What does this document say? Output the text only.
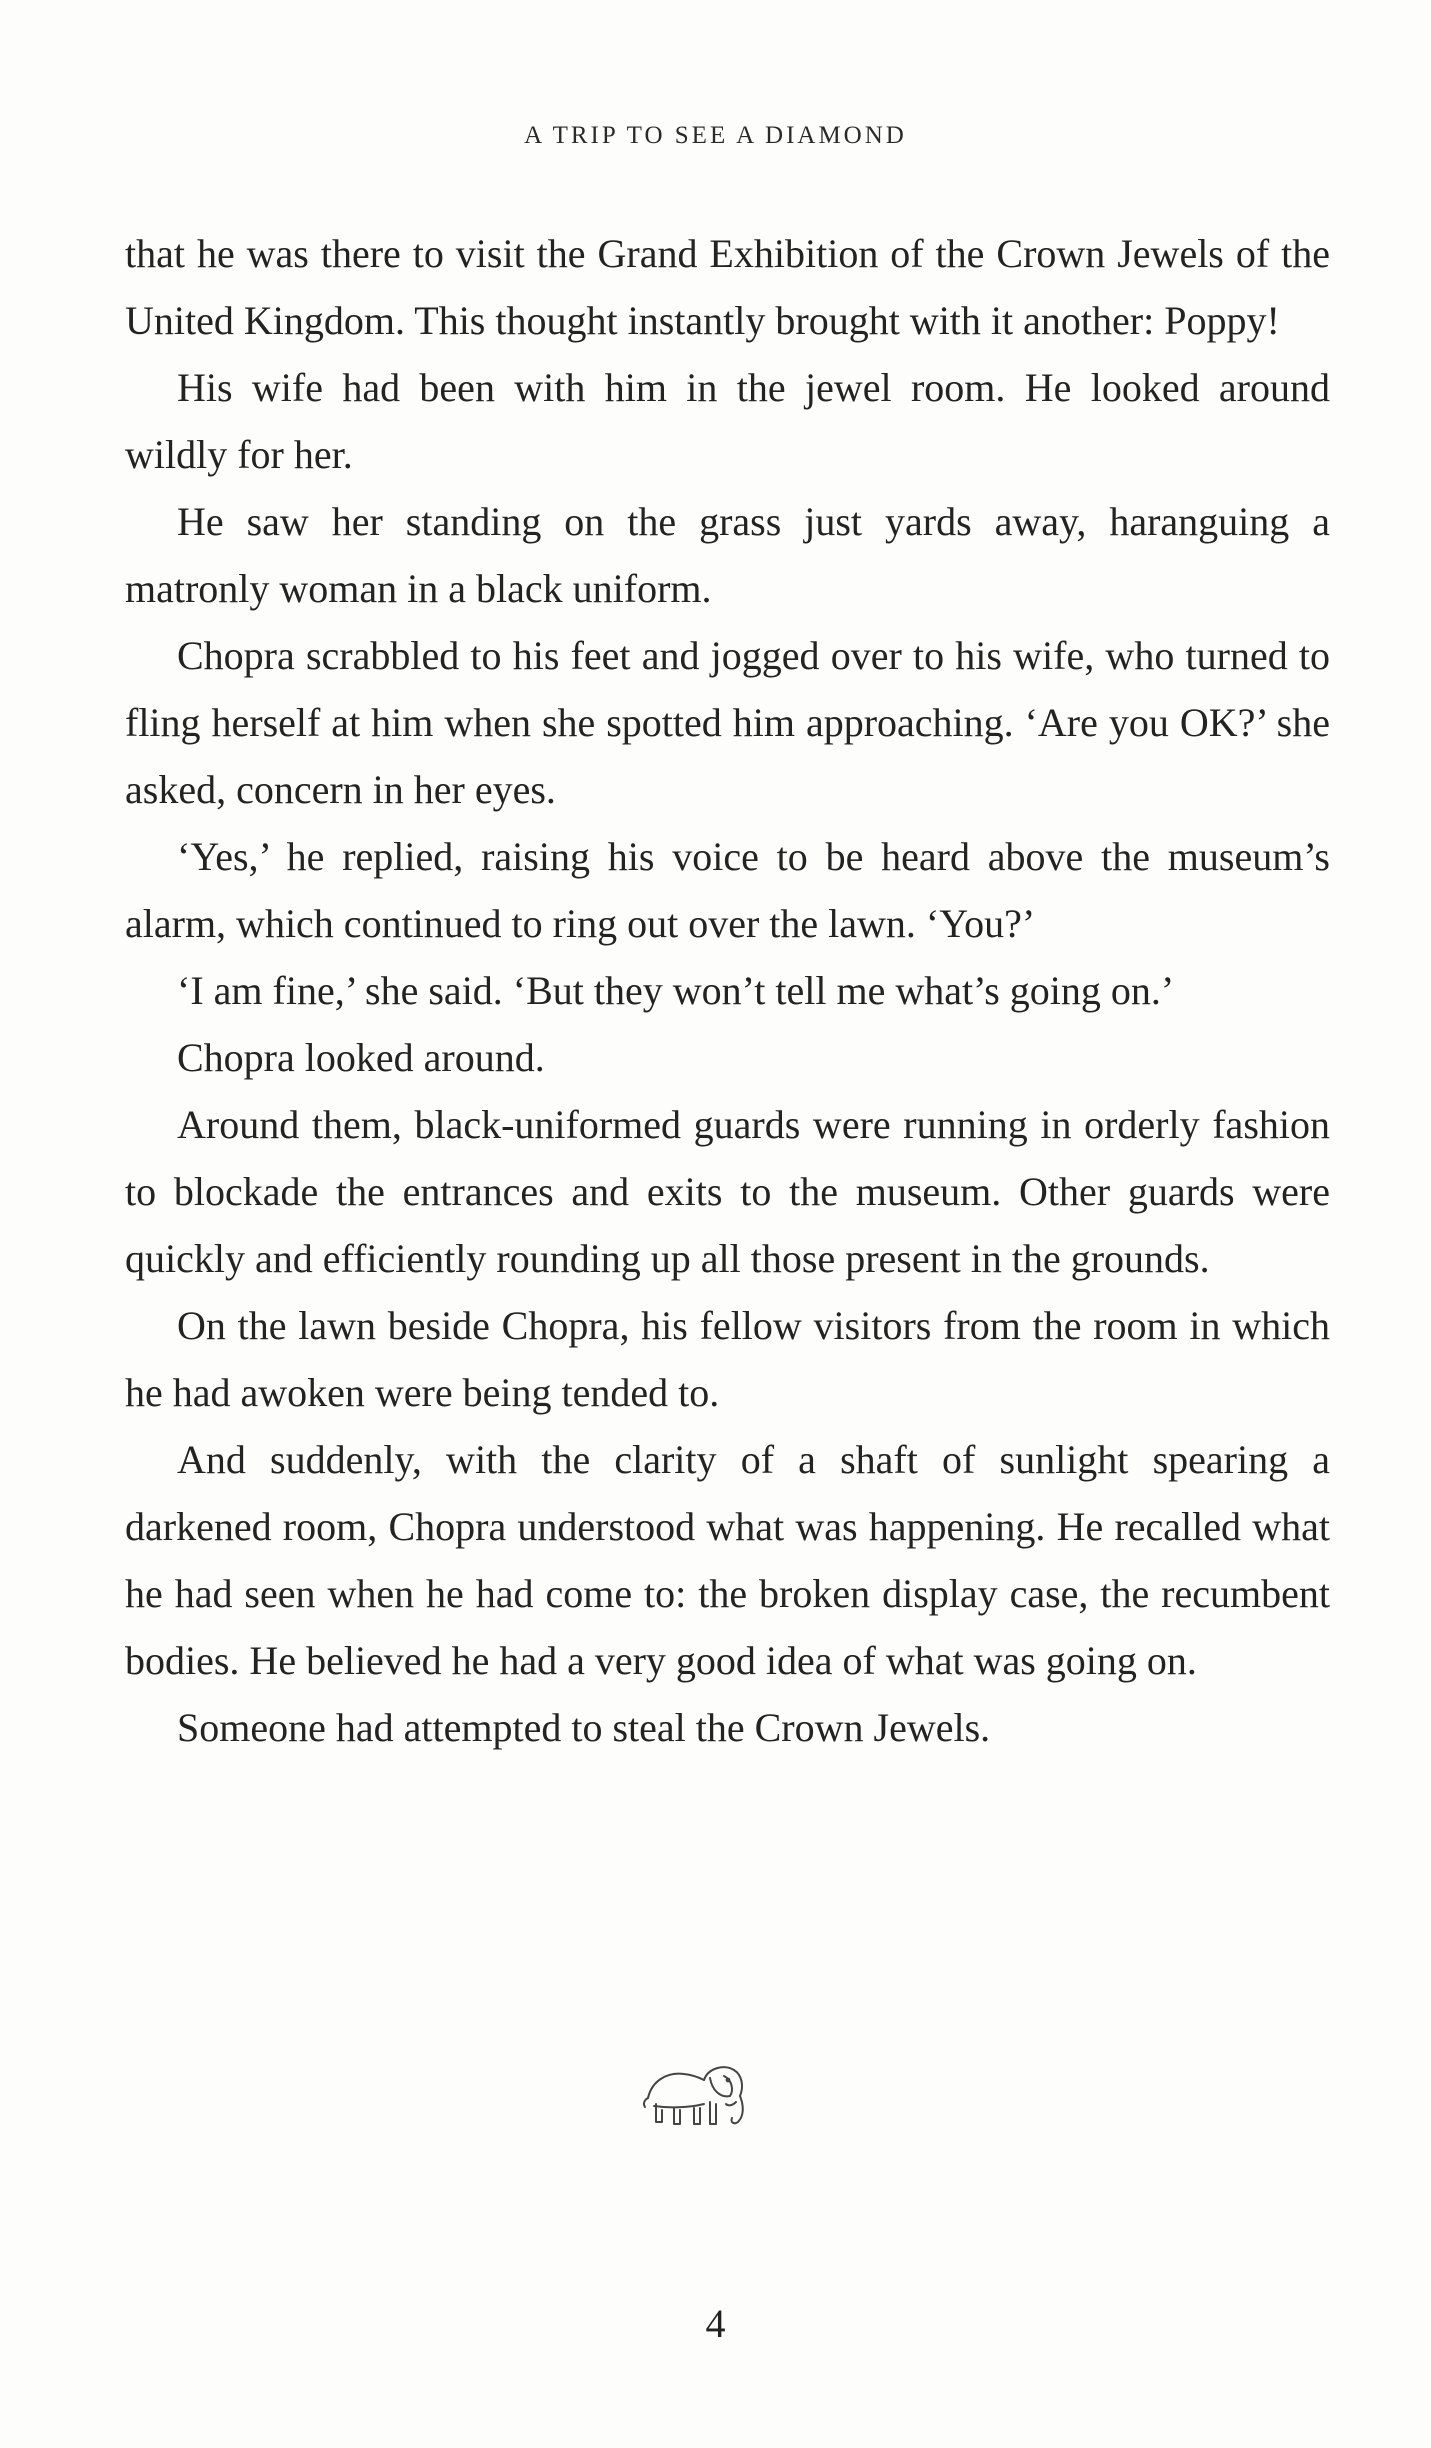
A TRIP TO SEE A DIAMOND

that he was there to visit the Grand Exhibition of the Crown Jewels of the United Kingdom. This thought instantly brought with it another: Poppy!

His wife had been with him in the jewel room. He looked around wildly for her.

He saw her standing on the grass just yards away, haranguing a matronly woman in a black uniform.

Chopra scrabbled to his feet and jogged over to his wife, who turned to fling herself at him when she spotted him approaching. ‘Are you OK?’ she asked, concern in her eyes.

‘Yes,’ he replied, raising his voice to be heard above the museum’s alarm, which continued to ring out over the lawn. ‘You?’

‘I am fine,’ she said. ‘But they won’t tell me what’s going on.’

Chopra looked around.

Around them, black-uniformed guards were running in orderly fashion to blockade the entrances and exits to the museum. Other guards were quickly and efficiently rounding up all those present in the grounds.

On the lawn beside Chopra, his fellow visitors from the room in which he had awoken were being tended to.

And suddenly, with the clarity of a shaft of sunlight spearing a darkened room, Chopra understood what was happening. He recalled what he had seen when he had come to: the broken display case, the recumbent bodies. He believed he had a very good idea of what was going on.

Someone had attempted to steal the Crown Jewels.

4
